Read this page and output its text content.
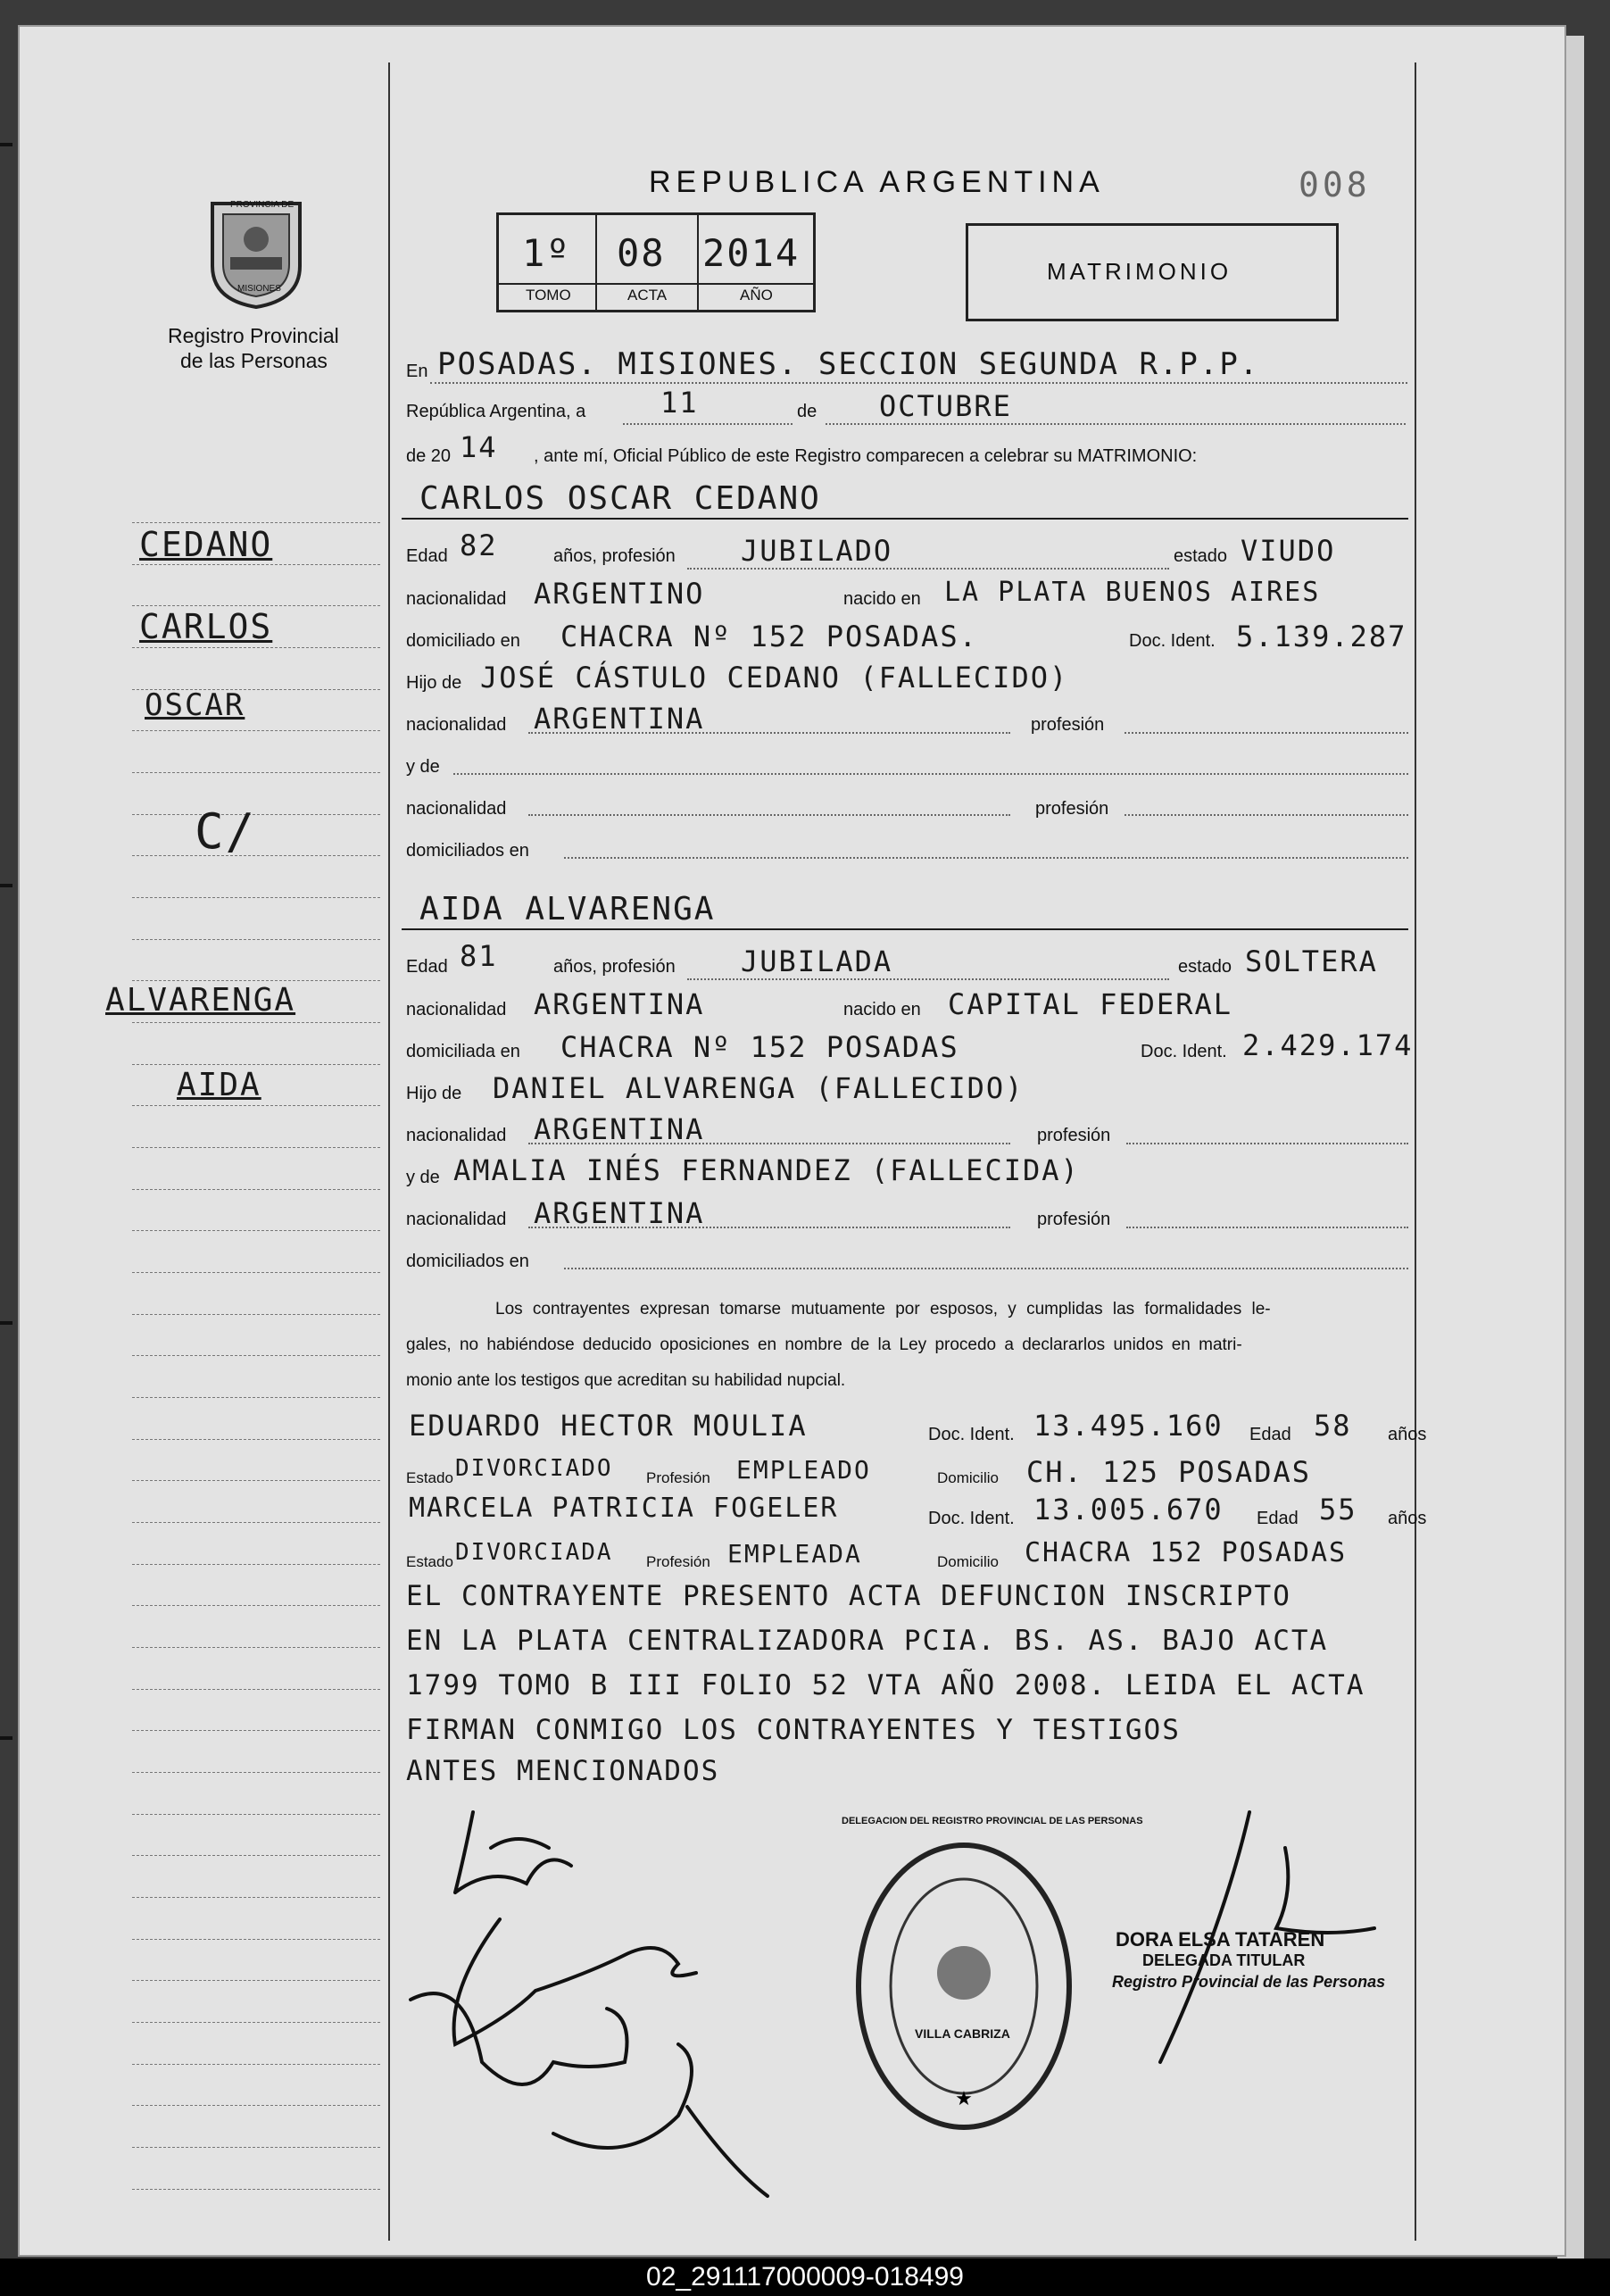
PROVINCIA DE
MISIONES
Registro Provincial
de las Personas
REPUBLICA ARGENTINA	008
1º 08 2014
TOMO	ACTA	AÑO
MATRIMONIO
CEDANO
CARLOS
OSCAR
C/
ALVARENGA
AIDA
En POSADAS. MISIONES. SECCION SEGUNDA R.P.P.
República Argentina, a	11	de OCTUBRE
de 20 14 , ante mí, Oficial Público de este Registro comparecen a celebrar su MATRIMONIO:
CARLOS OSCAR CEDANO
Edad 82	años, profesión JUBILADO	estado VIUDO
nacionalidad ARGENTINO	nacido en LA PLATA BUENOS AIRES
domiciliado en CHACRA Nº 152 POSADAS.	Doc. Ident. 5.139.287
Hijo de JOSÉ CÁSTULO CEDANO (FALLECIDO)
nacionalidad ARGENTINA	profesión
y de
nacionalidad	profesión
domiciliados en
AIDA ALVARENGA
Edad 81	años, profesión JUBILADA	estado SOLTERA
nacionalidad ARGENTINA	nacido en CAPITAL FEDERAL
domiciliada en CHACRA Nº 152 POSADAS	Doc. Ident. 2.429.174
Hijo de DANIEL ALVARENGA (FALLECIDO)
nacionalidad ARGENTINA	profesión
y de AMALIA INÉS FERNANDEZ (FALLECIDA)
nacionalidad ARGENTINA	profesión
domiciliados en
Los contrayentes expresan tomarse mutuamente por esposos, y cumplidas las formalidades le-
gales, no habiéndose deducido oposiciones en nombre de la Ley procedo a declararlos unidos en matri-
monio ante los testigos que acreditan su habilidad nupcial.
EDUARDO HECTOR MOULIA	Doc. Ident. 13.495.160 Edad 58 años
Estado DIVORCIADO Profesión EMPLEADO	Domicilio CH. 125 POSADAS
MARCELA PATRICIA FOGELER	Doc. Ident. 13.005.670 Edad 55 años
Estado DIVORCIADA Profesión EMPLEADA	Domicilio CHACRA 152 POSADAS
EL CONTRAYENTE PRESENTO ACTA DEFUNCION INSCRIPTO
EN LA PLATA CENTRALIZADORA PCIA. BS. AS. BAJO ACTA
1799 TOMO B III FOLIO 52 VTA AÑO 2008. LEIDA EL ACTA
FIRMAN CONMIGO LOS CONTRAYENTES Y TESTIGOS
ANTES MENCIONADOS
★
DELEGACION DEL REGISTRO PROVINCIAL DE LAS PERSONAS
VILLA CABRIZA
DORA ELSA TATAREN
DELEGADA TITULAR
Registro Provincial de las Personas
02_291117000009-018499
